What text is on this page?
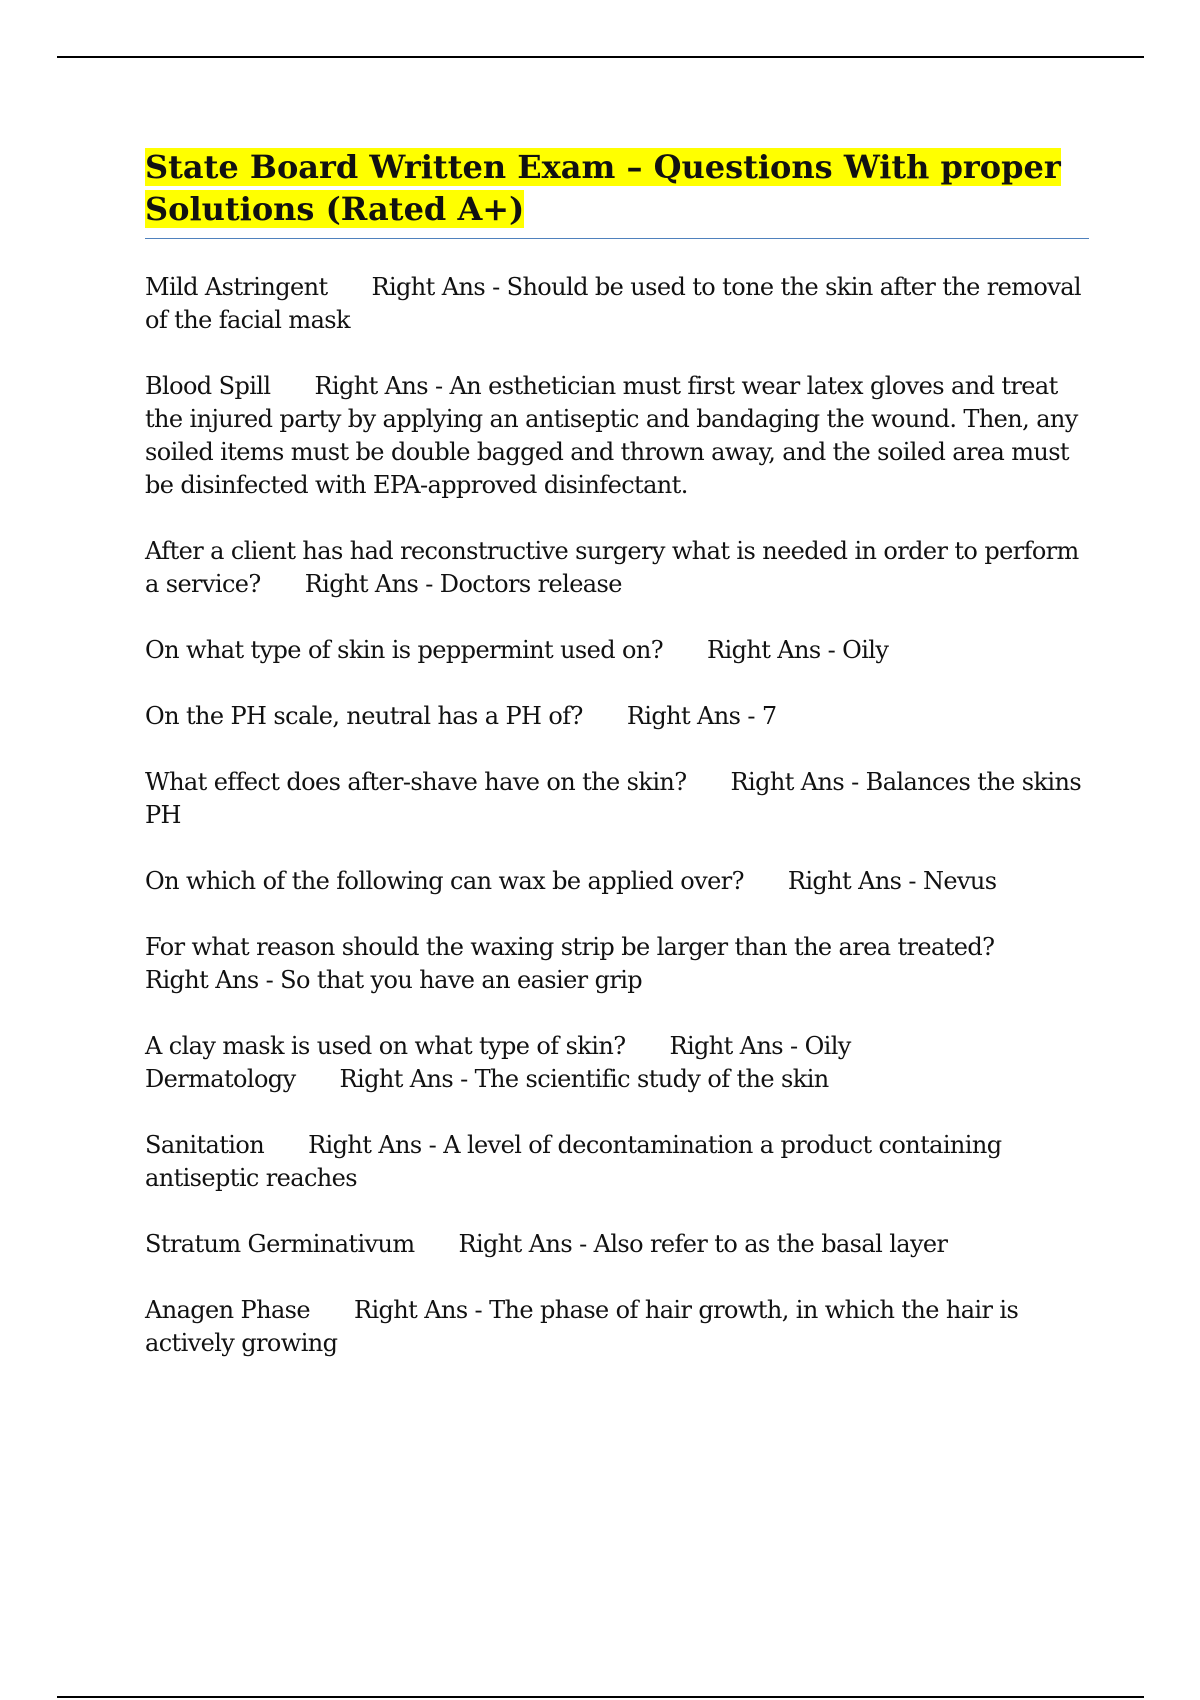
State Board Written Exam – Questions With proper Solutions (Rated A+)

Mild Astringent Right Ans - Should be used to tone the skin after the removal of the facial mask

Blood Spill Right Ans - An esthetician must first wear latex gloves and treat the injured party by applying an antiseptic and bandaging the wound. Then, any soiled items must be double bagged and thrown away, and the soiled area must be disinfected with EPA-approved disinfectant.

After a client has had reconstructive surgery what is needed in order to perform a service? Right Ans - Doctors release

On what type of skin is peppermint used on? Right Ans - Oily

On the PH scale, neutral has a PH of? Right Ans - 7

What effect does after-shave have on the skin? Right Ans - Balances the skins PH

On which of the following can wax be applied over? Right Ans - Nevus

For what reason should the waxing strip be larger than the area treated?Right Ans - So that you have an easier grip

A clay mask is used on what type of skin? Right Ans - Oily

Dermatology Right Ans - The scientific study of the skin

Sanitation Right Ans - A level of decontamination a product containing antiseptic reaches

Stratum Germinativum Right Ans - Also refer to as the basal layer

Anagen Phase Right Ans - The phase of hair growth, in which the hair is actively growing
